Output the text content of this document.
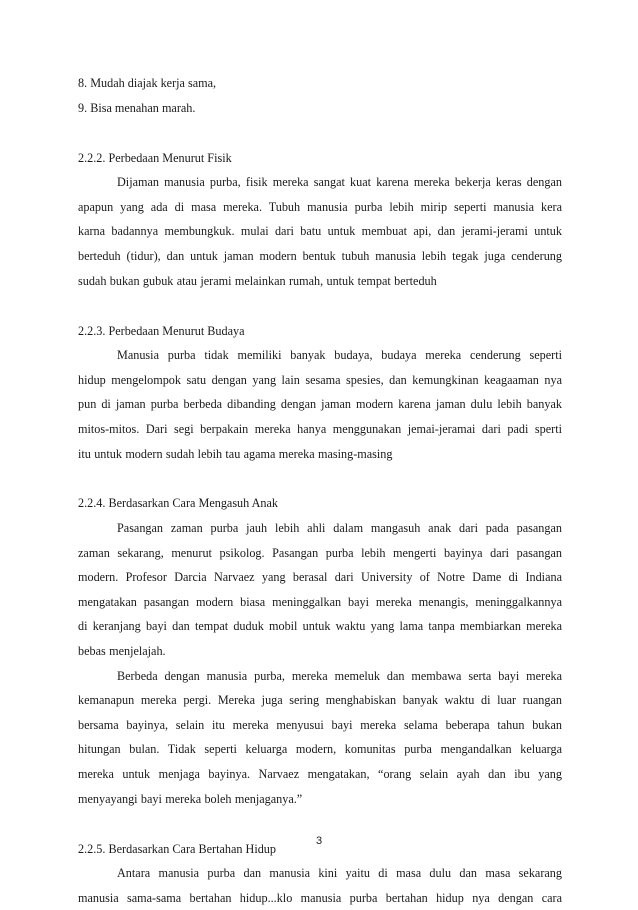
8. Mudah diajak kerja sama,
9. Bisa menahan marah.
2.2.2. Perbedaan Menurut Fisik
Dijaman manusia purba, fisik mereka sangat kuat karena mereka bekerja keras dengan
apapun yang ada di masa mereka. Tubuh manusia purba lebih mirip seperti manusia kera
karna badannya membungkuk. mulai dari batu untuk membuat api, dan jerami-jerami untuk
berteduh (tidur), dan untuk jaman modern bentuk tubuh manusia lebih tegak juga cenderung
sudah bukan gubuk atau jerami melainkan rumah, untuk tempat berteduh
2.2.3. Perbedaan Menurut Budaya
Manusia purba tidak memiliki banyak budaya, budaya mereka cenderung seperti
hidup mengelompok satu dengan yang lain sesama spesies, dan kemungkinan keagaaman nya
pun di jaman purba berbeda dibanding dengan jaman modern karena jaman dulu lebih banyak
mitos-mitos. Dari segi berpakain mereka hanya menggunakan jemai-jeramai dari padi sperti
itu untuk modern sudah lebih tau agama mereka masing-masing
2.2.4. Berdasarkan Cara Mengasuh Anak
Pasangan zaman purba jauh lebih ahli dalam mangasuh anak dari pada pasangan
zaman sekarang, menurut psikolog. Pasangan purba lebih mengerti bayinya dari pasangan
modern. Profesor Darcia Narvaez yang berasal dari University of Notre Dame di Indiana
mengatakan pasangan modern biasa meninggalkan bayi mereka menangis, meninggalkannya
di keranjang bayi dan tempat duduk mobil untuk waktu yang lama tanpa membiarkan mereka
bebas menjelajah.
Berbeda dengan manusia purba, mereka memeluk dan membawa serta bayi mereka
kemanapun mereka pergi. Mereka juga sering menghabiskan banyak waktu di luar ruangan
bersama bayinya, selain itu mereka menyusui bayi mereka selama beberapa tahun bukan
hitungan bulan. Tidak seperti keluarga modern, komunitas purba mengandalkan keluarga
mereka untuk menjaga bayinya. Narvaez mengatakan, “orang selain ayah dan ibu yang
menyayangi bayi mereka boleh menjaganya.”
2.2.5. Berdasarkan Cara Bertahan Hidup
Antara manusia purba dan manusia kini yaitu di masa dulu dan masa sekarang
manusia sama-sama bertahan hidup...klo manusia purba bertahan hidup nya dengan cara
3
